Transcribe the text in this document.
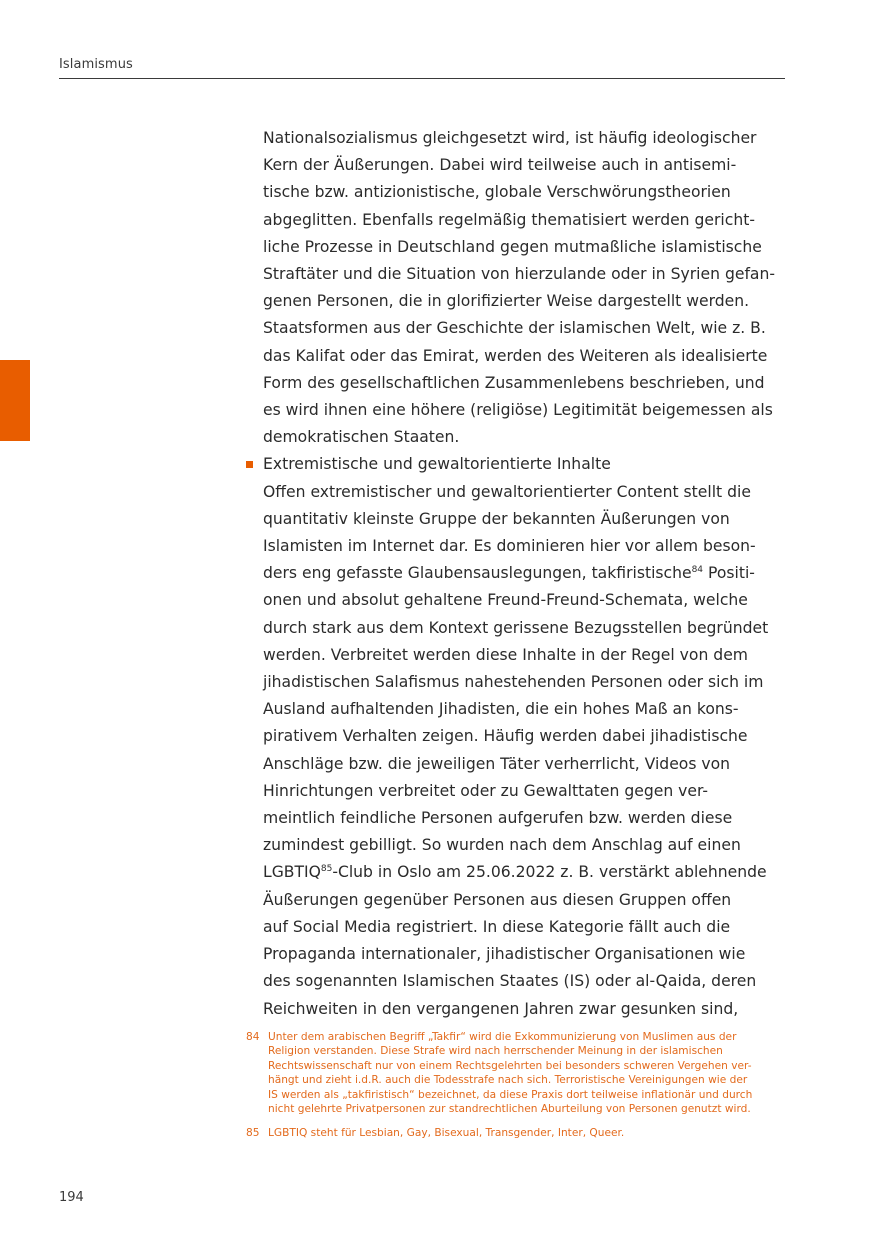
Islamismus
Nationalsozialismus gleichgesetzt wird, ist häufig ideologischer
Kern der Äußerungen. Dabei wird teilweise auch in antisemi-
tische bzw. antizionistische, globale Verschwörungstheorien
abgeglitten. Ebenfalls regelmäßig thematisiert werden gericht-
liche Prozesse in Deutschland gegen mutmaßliche islamistische
Straftäter und die Situation von hierzulande oder in Syrien gefan-
genen Personen, die in glorifizierter Weise dargestellt werden.
Staatsformen aus der Geschichte der islamischen Welt, wie z. B.
das Kalifat oder das Emirat, werden des Weiteren als idealisierte
Form des gesellschaftlichen Zusammenlebens beschrieben, und
es wird ihnen eine höhere (religiöse) Legitimität beigemessen als
demokratischen Staaten.
Extremistische und gewaltorientierte Inhalte
Offen extremistischer und gewaltorientierter Content stellt die
quantitativ kleinste Gruppe der bekannten Äußerungen von
Islamisten im Internet dar. Es dominieren hier vor allem beson-
ders eng gefasste Glaubensauslegungen, takfiristische$^{84}$ Positi-
onen und absolut gehaltene Freund-Freund-Schemata, welche
durch stark aus dem Kontext gerissene Bezugsstellen begründet
werden. Verbreitet werden diese Inhalte in der Regel von dem
jihadistischen Salafismus nahestehenden Personen oder sich im
Ausland aufhaltenden Jihadisten, die ein hohes Maß an kons-
pirativem Verhalten zeigen. Häufig werden dabei jihadistische
Anschläge bzw. die jeweiligen Täter verherrlicht, Videos von
Hinrichtungen verbreitet oder zu Gewalttaten gegen ver-
meintlich feindliche Personen aufgerufen bzw. werden diese
zumindest gebilligt. So wurden nach dem Anschlag auf einen
LGBTIQ$^{85}$-Club in Oslo am 25.06.2022 z. B. verstärkt ablehnende
Äußerungen gegenüber Personen aus diesen Gruppen offen
auf Social Media registriert. In diese Kategorie fällt auch die
Propaganda internationaler, jihadistischer Organisationen wie
des sogenannten Islamischen Staates (IS) oder al-Qaida, deren
Reichweiten in den vergangenen Jahren zwar gesunken sind,
84 Unter dem arabischen Begriff „Takfir“ wird die Exkommunizierung von Muslimen aus der
Religion verstanden. Diese Strafe wird nach herrschender Meinung in der islamischen
Rechtswissenschaft nur von einem Rechtsgelehrten bei besonders schweren Vergehen ver-
hängt und zieht i.d.R. auch die Todesstrafe nach sich. Terroristische Vereinigungen wie der
IS werden als „takfiristisch“ bezeichnet, da diese Praxis dort teilweise inflationär und durch
nicht gelehrte Privatpersonen zur standrechtlichen Aburteilung von Personen genutzt wird.
85 LGBTIQ steht für Lesbian, Gay, Bisexual, Transgender, Inter, Queer.
194
